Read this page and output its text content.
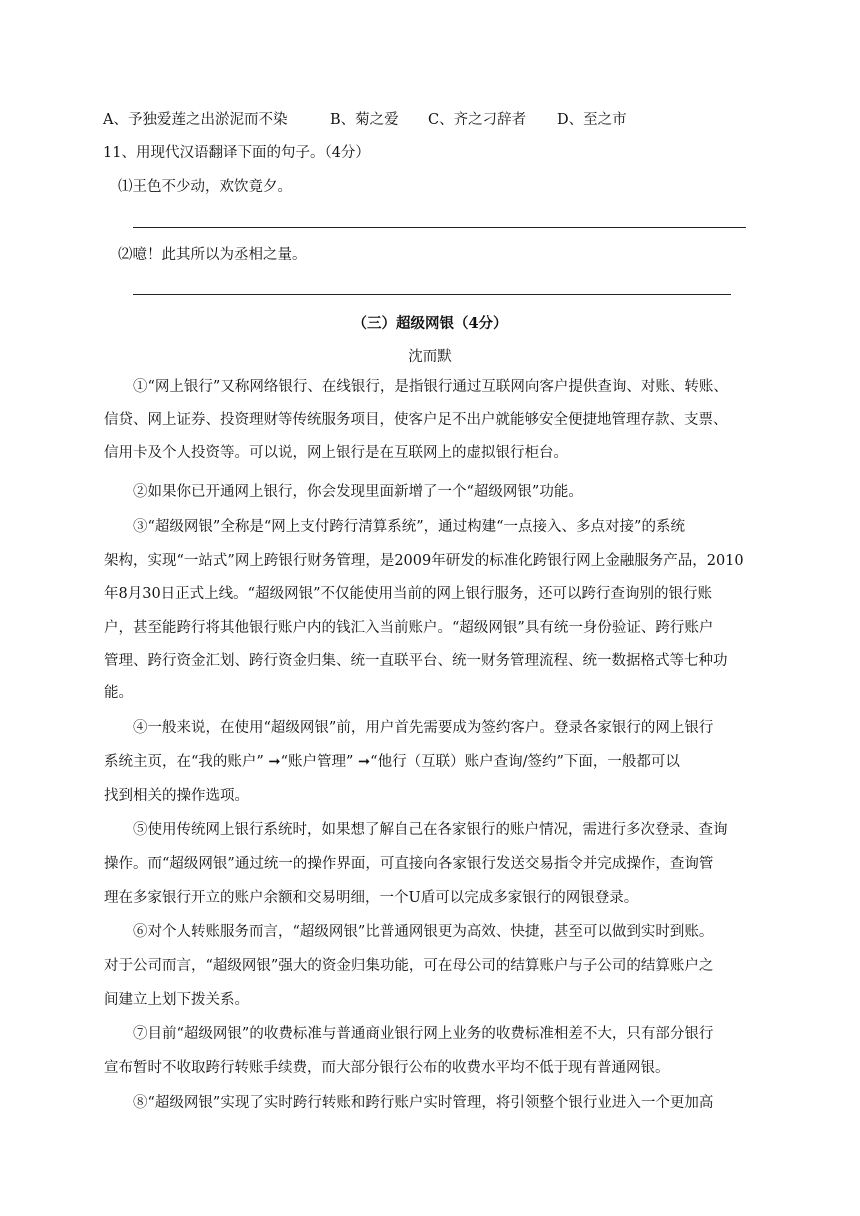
A、予独爱莲之出淤泥而不染	B、菊之爱 C、齐之刁辞者 D、至之市
11、用现代汉语翻译下面的句子。（4分）
⑴王色不少动，欢饮竟夕。
⑵噫！此其所以为丞相之量。
（三）超级网银（4分）
沈而默
①“网上银行”又称网络银行、在线银行，是指银行通过互联网向客户提供查询、对账、转账、
信贷、网上证券、投资理财等传统服务项目，使客户足不出户就能够安全便捷地管理存款、支票、
信用卡及个人投资等。可以说，网上银行是在互联网上的虚拟银行柜台。
②如果你已开通网上银行，你会发现里面新增了一个“超级网银”功能。
③“超级网银”全称是“网上支付跨行清算系统”，通过构建“一点接入、多点对接”的系统
架构，实现“一站式”网上跨银行财务管理，是2009年研发的标准化跨银行网上金融服务产品，2010
年8月30日正式上线。“超级网银”不仅能使用当前的网上银行服务，还可以跨行查询别的银行账
户，甚至能跨行将其他银行账户内的钱汇入当前账户。“超级网银”具有统一身份验证、跨行账户
管理、跨行资金汇划、跨行资金归集、统一直联平台、统一财务管理流程、统一数据格式等七种功
能。
④一般来说，在使用“超级网银”前，用户首先需要成为签约客户。登录各家银行的网上银行
系统主页，在“我的账户” ➞“账户管理” ➞“他行（互联）账户查询/签约”下面，一般都可以
找到相关的操作选项。
⑤使用传统网上银行系统时，如果想了解自己在各家银行的账户情况，需进行多次登录、查询
操作。而“超级网银”通过统一的操作界面，可直接向各家银行发送交易指令并完成操作，查询管
理在多家银行开立的账户余额和交易明细，一个U盾可以完成多家银行的网银登录。
⑥对个人转账服务而言，“超级网银”比普通网银更为高效、快捷，甚至可以做到实时到账。
对于公司而言，“超级网银”强大的资金归集功能，可在母公司的结算账户与子公司的结算账户之
间建立上划下拨关系。
⑦目前“超级网银”的收费标准与普通商业银行网上业务的收费标准相差不大，只有部分银行
宣布暂时不收取跨行转账手续费，而大部分银行公布的收费水平均不低于现有普通网银。
⑧“超级网银”实现了实时跨行转账和跨行账户实时管理，将引领整个银行业进入一个更加高
